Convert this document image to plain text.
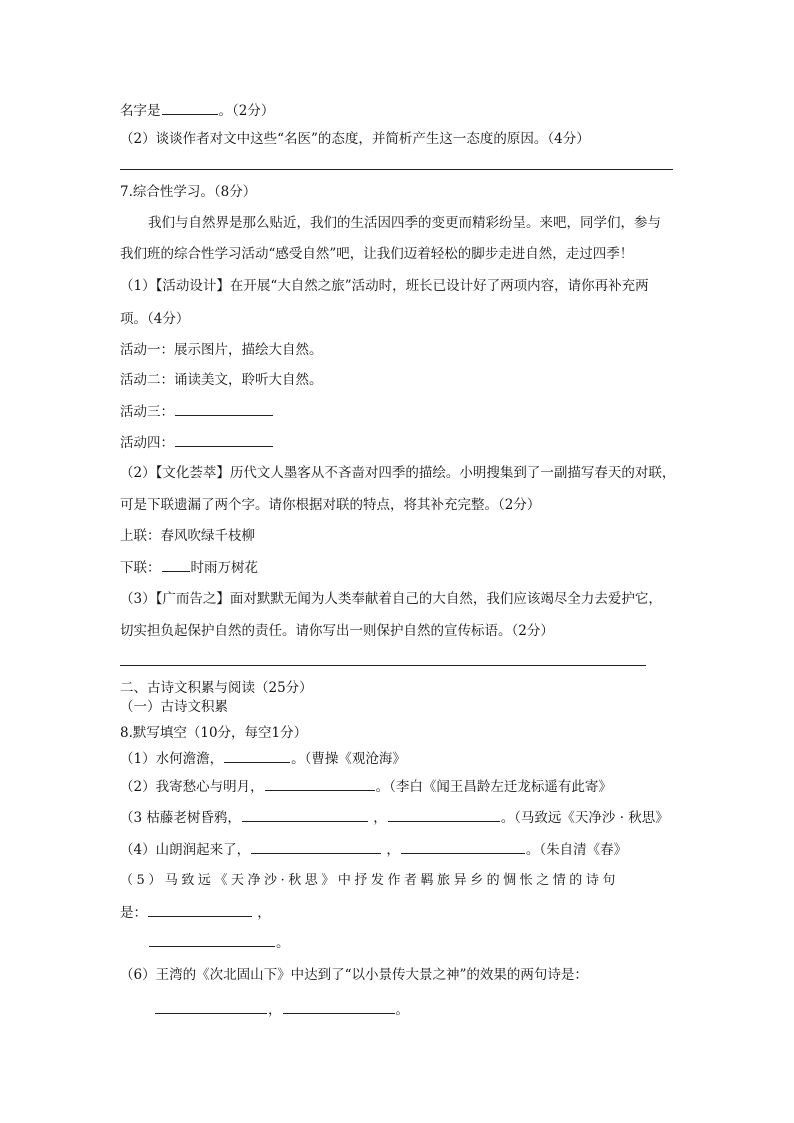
名字是	。（2分）
（2）谈谈作者对文中这些“名医”的态度，并简析产生这一态度的原因。（4分）
7.综合性学习。（8分）
我们与自然界是那么贴近，我们的生活因四季的变更而精彩纷呈。来吧，同学们，参与
我们班的综合性学习活动“感受自然”吧，让我们迈着轻松的脚步走进自然，走过四季！
（1）【活动设计】在开展“大自然之旅”活动时，班长已设计好了两项内容，请你再补充两
项。（4分）
活动一：展示图片，描绘大自然。
活动二：诵读美文，聆听大自然。
活动三：
活动四：
（2）【文化荟萃】历代文人墨客从不吝啬对四季的描绘。小明搜集到了一副描写春天的对联，
可是下联遗漏了两个字。请你根据对联的特点，将其补充完整。（2分）
上联：春风吹绿千枝柳
下联： 时雨万树花
（3）【广而告之】面对默默无闻为人类奉献着自己的大自然，我们应该竭尽全力去爱护它，
切实担负起保护自然的责任。请你写出一则保护自然的宣传标语。（2分）
二、古诗文积累与阅读（25分）
（一）古诗文积累
8.默写填空（10分，每空1分）
（1）水何澹澹，	。（曹操《观沧海》
（2）我寄愁心与明月，	。（李白《闻王昌龄左迁龙标遥有此寄》
（3 枯藤老树昏鸦，	，	。（马致远《天净沙 · 秋思》
（4）山朗润起来了，	，	。（朱自清《春》
（ 5 ） 马 致 远 《 天 净 沙 · 秋 思 》 中 抒 发 作 者 羁 旅 异 乡 的 惆 怅 之 情 的 诗 句
是：	，
。
（6）王湾的《次北固山下》中达到了“以小景传大景之神”的效果的两句诗是：
，	。
